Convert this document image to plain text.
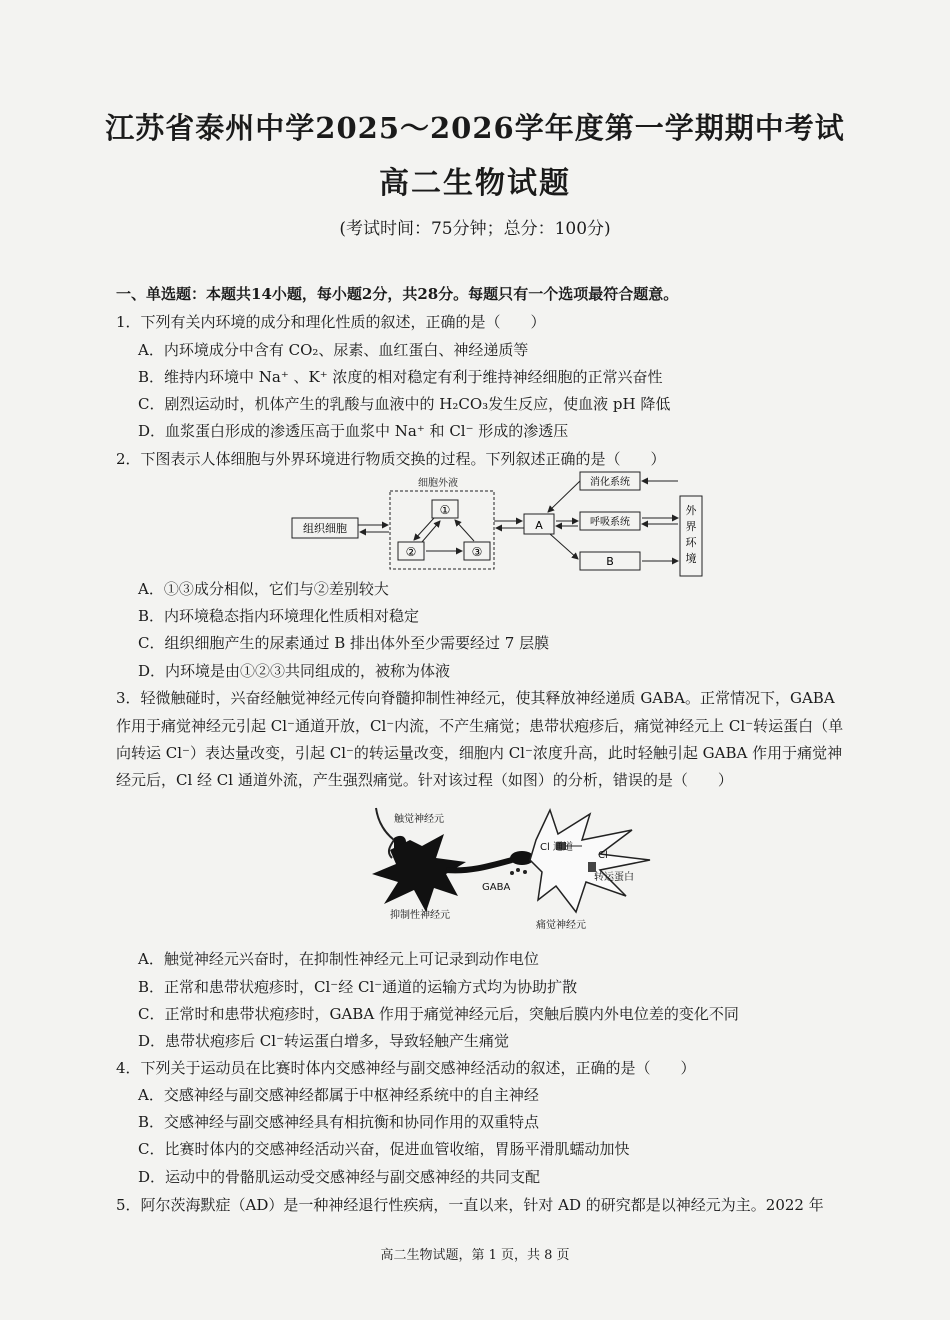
江苏省泰州中学2025～2026学年度第一学期期中考试
高二生物试题
(考试时间：75分钟；总分：100分)
一、单选题：本题共14小题，每小题2分，共28分。每题只有一个选项最符合题意。
1．下列有关内环境的成分和理化性质的叙述，正确的是（　　）
A．内环境成分中含有 CO₂、尿素、血红蛋白、神经递质等
B．维持内环境中 Na⁺ 、K⁺ 浓度的相对稳定有利于维持神经细胞的正常兴奋性
C．剧烈运动时，机体产生的乳酸与血液中的 H₂CO₃发生反应，使血液 pH 降低
D．血浆蛋白形成的渗透压高于血浆中 Na⁺ 和 Cl⁻ 形成的渗透压
2．下图表示人体细胞与外界环境进行物质交换的过程。下列叙述正确的是（　　）
细胞外液
组织细胞
①
②	③
A
消化系统
呼吸系统
B
外
界
环
境
A．①③成分相似，它们与②差别较大
B．内环境稳态指内环境理化性质相对稳定
C．组织细胞产生的尿素通过 B 排出体外至少需要经过 7 层膜
D．内环境是由①②③共同组成的，被称为体液
3．轻微触碰时，兴奋经触觉神经元传向脊髓抑制性神经元，使其释放神经递质 GABA。正常情况下，GABA
作用于痛觉神经元引起 Cl⁻通道开放，Cl⁻内流，不产生痛觉；患带状疱疹后，痛觉神经元上 Cl⁻转运蛋白（单
向转运 Cl⁻）表达量改变，引起 Cl⁻的转运量改变，细胞内 Cl⁻浓度升高，此时轻触引起 GABA 作用于痛觉神
经元后，Cl 经 Cl 通道外流，产生强烈痛觉。针对该过程（如图）的分析，错误的是（　　）
触觉神经元
Cl 通道
Cl
转运蛋白
GABA
抑制性神经元
痛觉神经元
A．触觉神经元兴奋时，在抑制性神经元上可记录到动作电位
B．正常和患带状疱疹时，Cl⁻经 Cl⁻通道的运输方式均为协助扩散
C．正常时和患带状疱疹时，GABA 作用于痛觉神经元后，突触后膜内外电位差的变化不同
D．患带状疱疹后 Cl⁻转运蛋白增多，导致轻触产生痛觉
4．下列关于运动员在比赛时体内交感神经与副交感神经活动的叙述，正确的是（　　）
A．交感神经与副交感神经都属于中枢神经系统中的自主神经
B．交感神经与副交感神经具有相抗衡和协同作用的双重特点
C．比赛时体内的交感神经活动兴奋，促进血管收缩，胃肠平滑肌蠕动加快
D．运动中的骨骼肌运动受交感神经与副交感神经的共同支配
5．阿尔茨海默症（AD）是一种神经退行性疾病，一直以来，针对 AD 的研究都是以神经元为主。2022 年
高二生物试题，第 1 页，共 8 页
